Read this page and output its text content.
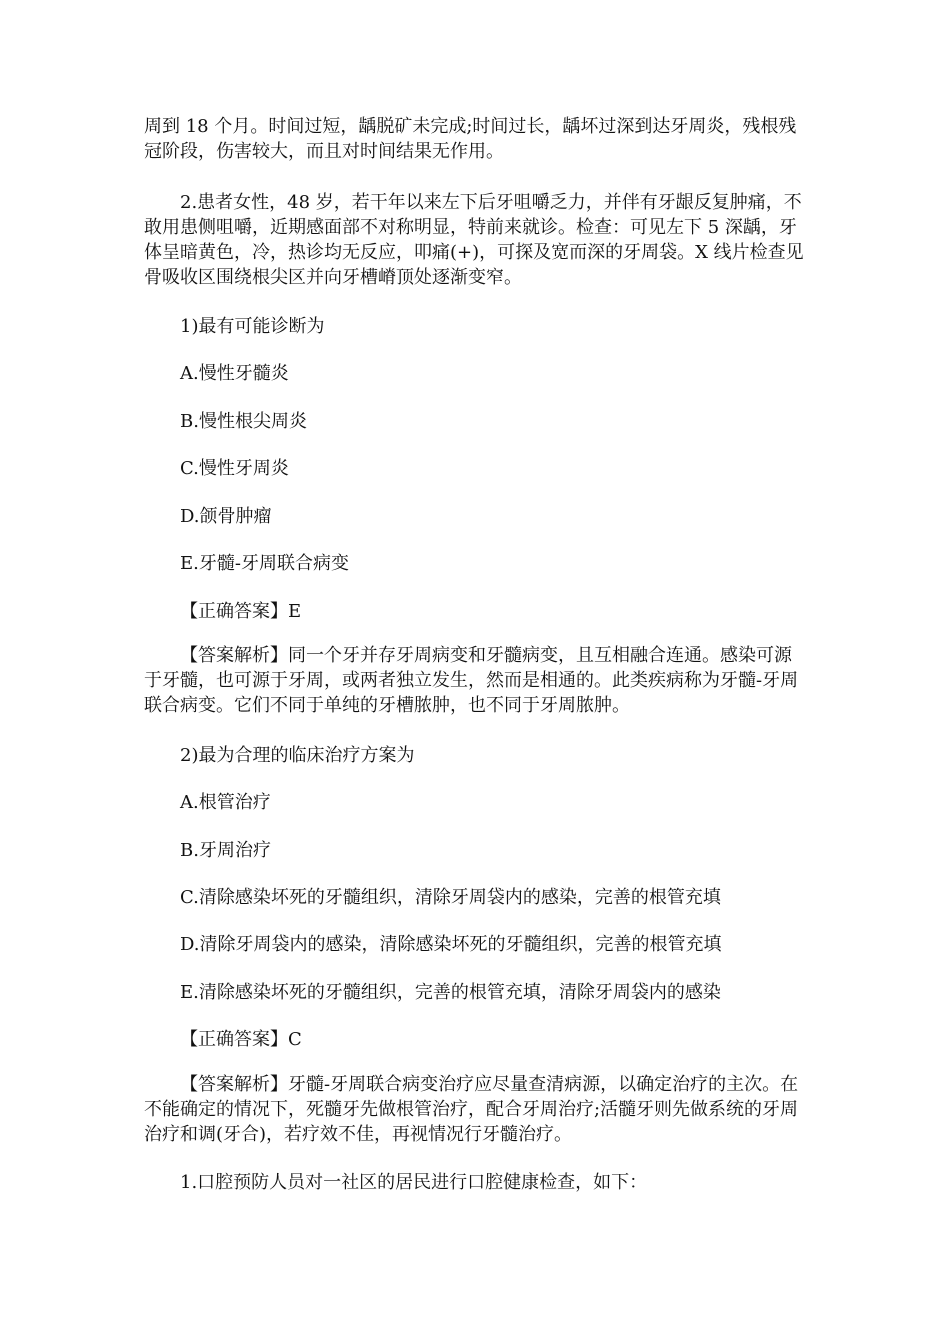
周到 18 个月。时间过短，龋脱矿未完成;时间过长，龋坏过深到达牙周炎，残根残冠阶段，伤害较大，而且对时间结果无作用。

2.患者女性，48 岁，若干年以来左下后牙咀嚼乏力，并伴有牙龈反复肿痛，不敢用患侧咀嚼，近期感面部不对称明显，特前来就诊。检查：可见左下 5 深龋，牙体呈暗黄色，冷，热诊均无反应，叩痛(+)，可探及宽而深的牙周袋。X 线片检查见骨吸收区围绕根尖区并向牙槽嵴顶处逐渐变窄。

1)最有可能诊断为

A.慢性牙髓炎

B.慢性根尖周炎

C.慢性牙周炎

D.颌骨肿瘤

E.牙髓-牙周联合病变

【正确答案】E

【答案解析】同一个牙并存牙周病变和牙髓病变，且互相融合连通。感染可源于牙髓，也可源于牙周，或两者独立发生，然而是相通的。此类疾病称为牙髓-牙周联合病变。它们不同于单纯的牙槽脓肿，也不同于牙周脓肿。

2)最为合理的临床治疗方案为

A.根管治疗

B.牙周治疗

C.清除感染坏死的牙髓组织，清除牙周袋内的感染，完善的根管充填

D.清除牙周袋内的感染，清除感染坏死的牙髓组织，完善的根管充填

E.清除感染坏死的牙髓组织，完善的根管充填，清除牙周袋内的感染

【正确答案】C

【答案解析】牙髓-牙周联合病变治疗应尽量查清病源，以确定治疗的主次。在不能确定的情况下，死髓牙先做根管治疗，配合牙周治疗;活髓牙则先做系统的牙周治疗和调(牙合)，若疗效不佳，再视情况行牙髓治疗。

1.口腔预防人员对一社区的居民进行口腔健康检查，如下：
